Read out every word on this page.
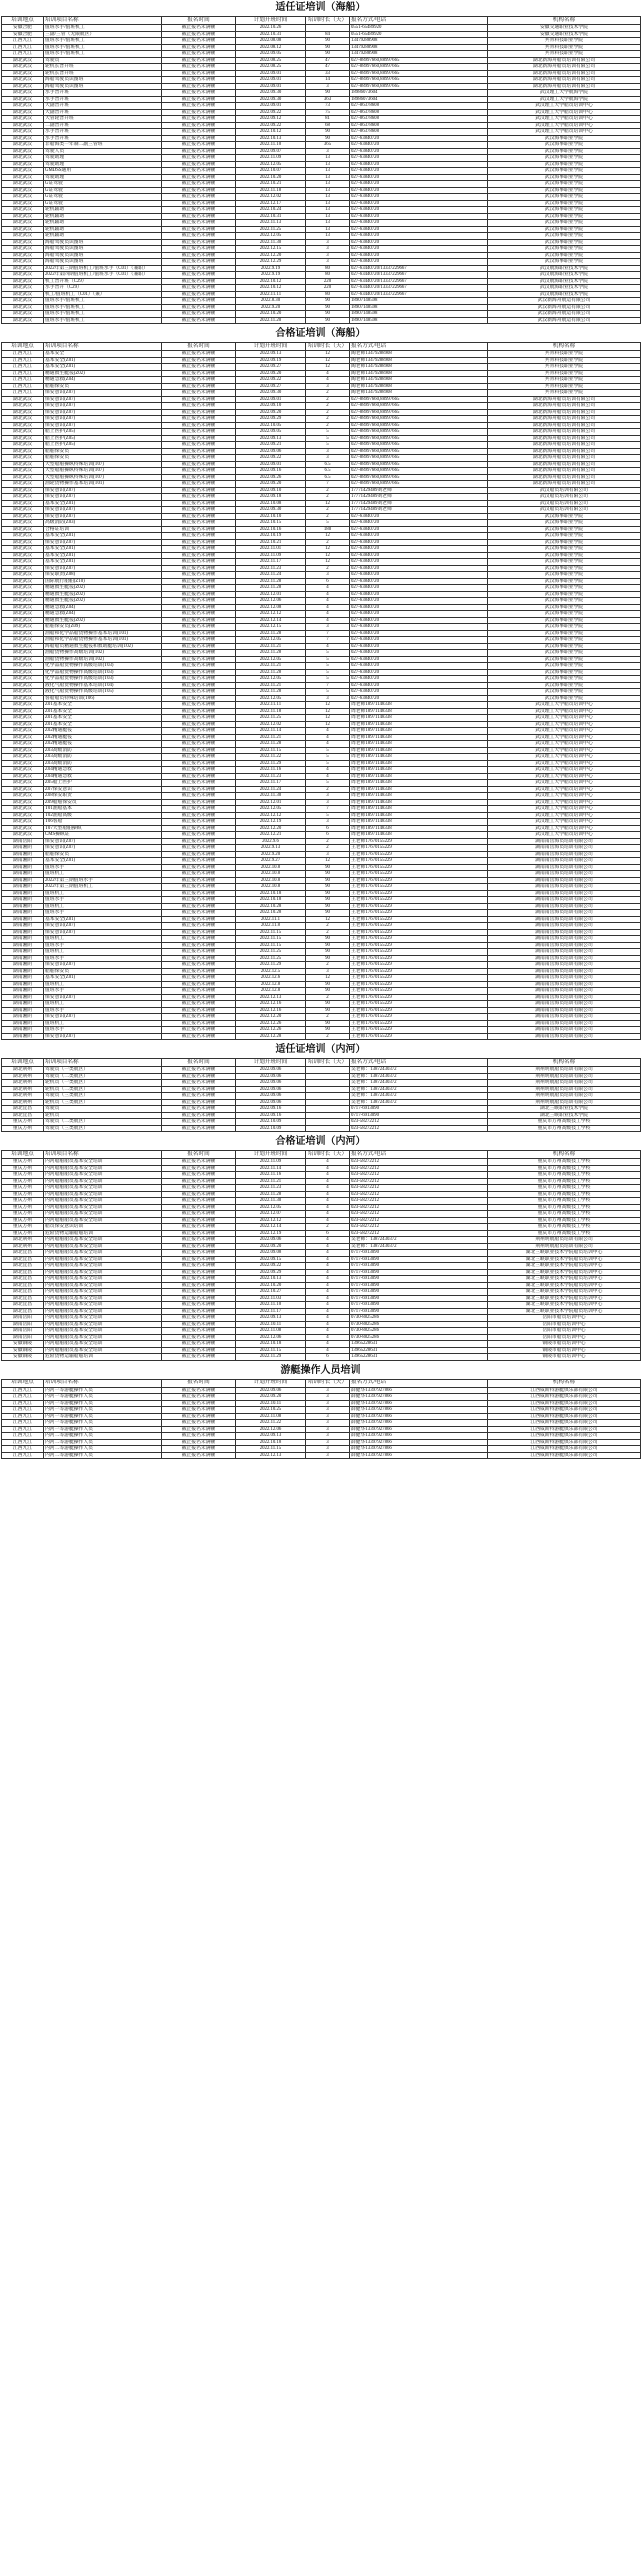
适任证培训（海船）
培训地点	培训项目名称	报名时间	计划开班时间	培训时长（天）	报名方式/电话	机构名称
安徽合肥	值班水手/值班机工	截止报名未满额	2022.10.26		0551-65489920	安徽交通职业技术学院
安徽合肥	三副/三管（无限航区）	截止报名未满额	2022.10.31	84	0551-65489920	安徽交通职业技术学院
江西九江	值班水手/值班机工	截止报名未满额	2022.08.08	90	13479288908	共青科技职业学院
江西九江	值班水手/值班机工	截止报名未满额	2022.08.12	90	13479288908	共青科技职业学院
江西九江	值班水手/值班机工	截止报名未满额	2022.09.05	90	13479288908	共青科技职业学院
湖北武汉	驾驶员	截止报名未满额	2022.08.25	47	027-88997660,88997665	湖北新海舟船员培训有限公司
湖北武汉	轮机长晋升班	截止报名未满额	2022.08.25	47	027-88997660,88997665	湖北新海舟船员培训有限公司
湖北武汉	轮机长晋升班	截止报名未满额	2022.09.01	33	027-88997660,88997665	湖北新海舟船员培训有限公司
湖北武汉	海船驾驶员识图班	截止报名未满额	2022.09.01	14	027-88997660,88997665	湖北新海舟船员培训有限公司
湖北武汉	海船驾驶员识图班	截止报名未满额	2022.09.01	3	027-88997660,88997665	湖北新海舟船员培训有限公司
湖北武汉	水手晋升班	截止报名未满额	2022.09.30	90	18986073604	武汉理工大学航海学院
湖北武汉	水手晋升班	截止报名未满额	2022.09.30	363	18986073604	武汉理工大学航海学院
湖北武汉	大副晋升班	截止报名未满额	2022.09.01	73	027-86378608	武汉理工大学船员培训中心
湖北武汉	大副晋升班	截止报名未满额	2022.09.22	75	027-86378608	武汉理工大学船员培训中心
湖北武汉	大管轮晋升班	截止报名未满额	2022.09.12	81	027-86378608	武汉理工大学船员培训中心
湖北武汉	二副晋升班	截止报名未满额	2022.09.22	68	027-86378608	武汉理工大学船员培训中心
湖北武汉	水手晋升班	截止报名未满额	2022.10.12	90	027-86378608	武汉理工大学船员培训中心
湖北武汉	水手晋升班	截止报名未满额	2022.10.13	90	027-63840720	武汉海事职业学院
湖北武汉	非船海类一年制二副三管班	截止报名未满额	2022.11.10	365	027-63840720	武汉海事职业学院
湖北武汉	驾驶人员	截止报名未满额	2022.09.07	3	027-63840720	武汉海事职业学院
湖北武汉	驾驶助理	截止报名未满额	2022.11.09	13	027-63840720	武汉海事职业学院
湖北武汉	驾驶助理	截止报名未满额	2022.12.05	13	027-63840720	武汉海事职业学院
湖北武汉	GMDSS通用	截止报名未满额	2022.10.07	13	027-63840720	武汉海事职业学院
湖北武汉	驾驶助理	截止报名未满额	2022.10.20	13	027-63840720	武汉海事职业学院
湖北武汉	G证驾驶	截止报名未满额	2022.10.21	13	027-63840720	武汉海事职业学院
湖北武汉	G证驾驶	截止报名未满额	2022.11.18	13	027-63840720	武汉海事职业学院
湖北武汉	G证驾驶	截止报名未满额	2022.12.02	13	027-63840720	武汉海事职业学院
湖北武汉	G证驾驶	截止报名未满额	2022.12.17	13	027-63840720	武汉海事职业学院
湖北武汉	轮机辅助	截止报名未满额	2022.10.24	13	027-63840720	武汉海事职业学院
湖北武汉	轮机辅助	截止报名未满额	2022.10.31	13	027-63840720	武汉海事职业学院
湖北武汉	轮机辅助	截止报名未满额	2022.11.13	13	027-63840720	武汉海事职业学院
湖北武汉	轮机辅助	截止报名未满额	2022.11.25	13	027-63840720	武汉海事职业学院
湖北武汉	轮机辅助	截止报名未满额	2022.12.05	13	027-63840720	武汉海事职业学院
湖北武汉	海船驾驶员识图班	截止报名未满额	2022.11.30	3	027-63840720	武汉海事职业学院
湖北武汉	海船驾驶员识图班	截止报名未满额	2022.12.15	3	027-63840720	武汉海事职业学院
湖北武汉	海船驾驶员识图班	截止报名未满额	2022.12.20	3	027-63840720	武汉海事职业学院
湖北武汉	海船驾驶员识图班	截止报名未满额	2022.12.29	3	027-63840720	武汉海事职业学院
湖北武汉	2022年第三期值班机工/值班水手（C01）（兼职）	截止报名未满额	2022.9.19	80	027-63440720/13337229667	武汉航海职业技术学院
湖北武汉	2022年第四期值班机工/值班水手（C01）（兼职）	截止报名未满额	2022.9.19	80	027-63440720/13337229667	武汉航海职业技术学院
湖北武汉	机工晋升班（C29）	截止报名未满额	2022.10.12	220	027-63440720/13337229667	武汉航海职业技术学院
湖北武汉	水手晋升（C29）	截止报名未满额	2022.10.12	220	027-63440720/13337229667	武汉航海职业技术学院
湖北武汉	机工/值班机工（C01）（兼）	截止报名未满额	2022.11.11	80	027-63440720/13337229667	武汉航海职业技术学院
湖北武汉	值班水手/值班机工	截止报名未满额	2022.8.30	90	18907148598	武汉新海舟航运有限公司
湖北武汉	值班水手/值班机工	截止报名未满额	2022.9.20	90	18907148598	武汉新海舟航运有限公司
湖北武汉	值班水手/值班机工	截止报名未满额	2022.10.20	90	18907148598	武汉新海舟航运有限公司
湖北武汉	值班水手/值班机工	截止报名未满额	2022.11.20	90	18907148598	武汉新海舟航运有限公司
合格证培训（海船）
培训地点	培训项目名称	报名时间	计划开班时间	培训时长（天）	报名方式/电话	机构名称
江西九江	基本安全	截止报名未满额	2022.09.13	12	陶老师13479288908	共青科技职业学院
江西九江	基本安全(Z01)	截止报名未满额	2022.09.19	12	陶老师13479288908	共青科技职业学院
江西九江	基本安全(Z01)	截止报名未满额	2022.09.27	12	陶老师13479288908	共青科技职业学院
江西九江	精通救生艇筏(Z02)	截止报名未满额	2022.09.20	4	陶老师13479288908	共青科技职业学院
江西九江	精通急救(Z04)	截止报名未满额	2022.09.22	4	陶老师13479288908	共青科技职业学院
江西九江	船舶保安员	截止报名未满额	2022.09.27	3	陶老师13479288908	共青科技职业学院
江西九江	保安意识(Z07)	截止报名未满额	2022.09.30	2	陶老师13479288908	共青科技职业学院
湖北武汉	保安意识(Z07)	截止报名未满额	2022.09.01	2	027-88997660,88997665	湖北新海舟船员培训有限公司
湖北武汉	保安意识(Z07)	截止报名未满额	2022.09.10	2	027-88997660,88997665	湖北新海舟船员培训有限公司
湖北武汉	保安意识(Z07)	截止报名未满额	2022.09.20	2	027-88997660,88997665	湖北新海舟船员培训有限公司
湖北武汉	保安意识(Z07)	截止报名未满额	2022.09.29	2	027-88997660,88997665	湖北新海舟船员培训有限公司
湖北武汉	保安意识(Z07)	截止报名未满额	2022.10.05	2	027-88997660,88997665	湖北新海舟船员培训有限公司
湖北武汉	船上医护(Z05)	截止报名未满额	2022.09.05	5	027-88997660,88997665	湖北新海舟船员培训有限公司
湖北武汉	船上医护(Z05)	截止报名未满额	2022.09.13	5	027-88997660,88997665	湖北新海舟船员培训有限公司
湖北武汉	船上医护(Z05)	截止报名未满额	2022.09.21	5	027-88997660,88997665	湖北新海舟船员培训有限公司
湖北武汉	船舶保安员	截止报名未满额	2022.09.06	3	027-88997660,88997665	湖北新海舟船员培训有限公司
湖北武汉	船舶保安员	截止报名未满额	2022.09.22	3	027-88997660,88997665	湖北新海舟船员培训有限公司
湖北武汉	大型船舶操纵特殊培训(T07)	截止报名未满额	2022.09.01	6.5	027-88997660,88997665	湖北新海舟船员培训有限公司
湖北武汉	大型船舶操纵特殊培训(T07)	截止报名未满额	2022.09.16	6.5	027-88997660,88997665	湖北新海舟船员培训有限公司
湖北武汉	大型船舶操纵特殊培训(T07)	截止报名未满额	2022.09.26	6.5	027-88997660,88997665	湖北新海舟船员培训有限公司
湖北武汉	油轮货物操作基本培训(T01)	截止报名未满额	2022.09.20	7	027-88997660,88997665	湖北新海舟船员培训有限公司
湖北武汉	保安意识(Z07)	截止报名未满额	2022.09.10	2	17771429489刘老师	武汉船员培训有限公司
湖北武汉	保安意识(Z07)	截止报名未满额	2022.09.18	2	17771429489刘老师	武汉船员培训有限公司
湖北武汉	基本安全(Z01)	截止报名未满额	2022.10.08	12	17771429489刘老师	武汉船员培训有限公司
湖北武汉	保安意识(Z07)	截止报名未满额	2022.09.30	2	17771429489刘老师	武汉船员培训有限公司
湖北武汉	保安意识(Z07)	截止报名未满额	2022.10.10	2	027-63840720	武汉海事职业学院
湖北武汉	高级消防(Z03)	截止报名未满额	2022.10.15	5	027-63840720	武汉海事职业学院
湖北武汉	合格证培训	截止报名未满额	2022.10.16	180	027-63840720	武汉海事职业学院
湖北武汉	基本安全(Z01)	截止报名未满额	2022.10.19	12	027-63840720	武汉海事职业学院
湖北武汉	保安意识(Z07)	截止报名未满额	2022.10.21	2	027-63840720	武汉海事职业学院
湖北武汉	基本安全(Z01)	截止报名未满额	2022.11.01	12	027-63840720	武汉海事职业学院
湖北武汉	基本安全(Z01)	截止报名未满额	2022.11.09	12	027-63840720	武汉海事职业学院
湖北武汉	基本安全(Z01)	截止报名未满额	2022.11.17	12	027-63840720	武汉海事职业学院
湖北武汉	保安意识(Z07)	截止报名未满额	2022.11.23	2	027-63840720	武汉海事职业学院
湖北武汉	保安职责(Z08)	截止报名未满额	2022.11.24	3	027-63840720	武汉海事职业学院
湖北武汉	国际航行船舶(Z10)	截止报名未满额	2022.11.28	6	027-63840720	武汉海事职业学院
湖北武汉	精通救生艇筏(Z02)	截止报名未满额	2022.11.28	4	027-63840720	武汉海事职业学院
湖北武汉	精通救生艇筏(Z02)	截止报名未满额	2022.12.01	4	027-63840720	武汉海事职业学院
湖北武汉	精通救生艇筏(Z02)	截止报名未满额	2022.12.06	4	027-63840720	武汉海事职业学院
湖北武汉	精通急救(Z04)	截止报名未满额	2022.12.08	4	027-63840720	武汉海事职业学院
湖北武汉	精通急救(Z04)	截止报名未满额	2022.12.12	4	027-63840720	武汉海事职业学院
湖北武汉	精通救生艇筏(Z02)	截止报名未满额	2022.12.14	4	027-63840720	武汉海事职业学院
湖北武汉	船舶保安员(Z09)	截止报名未满额	2022.12.15	3	027-63840720	武汉海事职业学院
湖北武汉	油船和化学品船货物操作基本培训(T01)	截止报名未满额	2022.11.28	7	027-63840720	武汉海事职业学院
湖北武汉	油船和化学品船货物操作基本培训(T01)	截止报名未满额	2022.12.05	7	027-63840720	武汉海事职业学院
湖北武汉	海船船员精通救生艇筏和救助艇培训(T02)	截止报名未满额	2022.11.21	4	027-63840720	武汉海事职业学院
湖北武汉	油船货物操作高级培训(T02)	截止报名未满额	2022.11.28	5	027-63840720	武汉海事职业学院
湖北武汉	油船货物操作高级培训(T02)	截止报名未满额	2022.12.05	5	027-63840720	武汉海事职业学院
湖北武汉	化学品船货物操作高级培训(T03)	截止报名未满额	2022.11.21	5	027-63840720	武汉海事职业学院
湖北武汉	化学品船货物操作高级培训(T03)	截止报名未满额	2022.11.28	5	027-63840720	武汉海事职业学院
湖北武汉	化学品船货物操作高级培训(T03)	截止报名未满额	2022.12.05	5	027-63840720	武汉海事职业学院
湖北武汉	液化气船货物操作基本培训(T04)	截止报名未满额	2022.11.21	7	027-63840720	武汉海事职业学院
湖北武汉	液化气船货物操作高级培训(T05)	截止报名未满额	2022.11.28	5	027-63840720	武汉海事职业学院
湖北武汉	客船船员特殊培训(T06)	截止报名未满额	2022.12.05	3	027-63840720	武汉海事职业学院
湖北武汉	Z01基本安全	截止报名未满额	2022.11.11	12	周老师18971148338	武汉理工大学船员培训中心
湖北武汉	Z01基本安全	截止报名未满额	2022.11.18	12	周老师18971148338	武汉理工大学船员培训中心
湖北武汉	Z01基本安全	截止报名未满额	2022.11.25	12	周老师18971148338	武汉理工大学船员培训中心
湖北武汉	Z01基本安全	截止报名未满额	2022.12.02	12	周老师18971148338	武汉理工大学船员培训中心
湖北武汉	Z02精通艇筏	截止报名未满额	2022.11.14	4	周老师18971148338	武汉理工大学船员培训中心
湖北武汉	Z02精通艇筏	截止报名未满额	2022.11.21	4	周老师18971148338	武汉理工大学船员培训中心
湖北武汉	Z02精通艇筏	截止报名未满额	2022.11.28	4	周老师18971148338	武汉理工大学船员培训中心
湖北武汉	Z03高级消防	截止报名未满额	2022.11.15	5	周老师18971148338	武汉理工大学船员培训中心
湖北武汉	Z03高级消防	截止报名未满额	2022.11.22	5	周老师18971148338	武汉理工大学船员培训中心
湖北武汉	Z03高级消防	截止报名未满额	2022.11.29	5	周老师18971148338	武汉理工大学船员培训中心
湖北武汉	Z04精通急救	截止报名未满额	2022.11.16	4	周老师18971148338	武汉理工大学船员培训中心
湖北武汉	Z04精通急救	截止报名未满额	2022.11.23	4	周老师18971148338	武汉理工大学船员培训中心
湖北武汉	Z05船上医护	截止报名未满额	2022.11.17	5	周老师18971148338	武汉理工大学船员培训中心
湖北武汉	Z07保安意识	截止报名未满额	2022.11.24	2	周老师18971148338	武汉理工大学船员培训中心
湖北武汉	Z08保安职责	截止报名未满额	2022.11.30	3	周老师18971148338	武汉理工大学船员培训中心
湖北武汉	Z09船舶保安员	截止报名未满额	2022.12.01	3	周老师18971148338	武汉理工大学船员培训中心
湖北武汉	T01油船基本	截止报名未满额	2022.12.05	7	周老师18971148338	武汉理工大学船员培训中心
湖北武汉	T02油船高级	截止报名未满额	2022.12.12	5	周老师18971148338	武汉理工大学船员培训中心
湖北武汉	T06客船	截止报名未满额	2022.12.19	3	周老师18971148338	武汉理工大学船员培训中心
湖北武汉	T07大型船舶操纵	截止报名未满额	2022.12.20	6	周老师18971148338	武汉理工大学船员培训中心
湖北武汉	CMS操纵证	截止报名未满额	2022.12.21	6	周老师18971148338	武汉理工大学船员培训中心
湖南岳阳	保安意识(Z07)	截止报名未满额	2022.9.6	2	王老师17670155229	湖南南岳海员培训有限公司
湖南湘阴	保安意识(Z07)	截止报名未满额	2022.9.13	2	王老师17670155229	湖南南岳海员培训有限公司
湖南湘阴	船舶保安员	截止报名未满额	2022.9.20	3	王老师17670155229	湖南南岳海员培训有限公司
湖南湘阴	基本安全(Z01)	截止报名未满额	2022.9.27	12	王老师17670155229	湖南南岳海员培训有限公司
湖南湘阴	值班水手	截止报名未满额	2022.10.8	90	王老师17670155229	湖南南岳海员培训有限公司
湖南湘阴	值班机工	截止报名未满额	2022.10.8	90	王老师17670155229	湖南南岳海员培训有限公司
湖南湘阴	2022年第三期值班水手	截止报名未满额	2022.10.8	90	王老师17670155229	湖南南岳海员培训有限公司
湖南湘阴	2022年第三期值班机工	截止报名未满额	2022.10.8	90	王老师17670155229	湖南南岳海员培训有限公司
湖南湘阴	值班机工	截止报名未满额	2022.10.18	90	王老师17670155229	湖南南岳海员培训有限公司
湖南湘阴	值班水手	截止报名未满额	2022.10.18	90	王老师17670155229	湖南南岳海员培训有限公司
湖南湘阴	值班机工	截止报名未满额	2022.10.28	90	王老师17670155229	湖南南岳海员培训有限公司
湖南湘阴	值班水手	截止报名未满额	2022.10.28	90	王老师17670155229	湖南南岳海员培训有限公司
湖南湘阴	基本安全(Z01)	截止报名未满额	2022.11.1	12	王老师17670155229	湖南南岳海员培训有限公司
湖南湘阴	保安意识(Z07)	截止报名未满额	2022.11.8	2	王老师17670155229	湖南南岳海员培训有限公司
湖南湘阴	保安意识(Z07)	截止报名未满额	2022.11.15	2	王老师17670155229	湖南南岳海员培训有限公司
湖南湘阴	值班机工	截止报名未满额	2022.11.15	90	王老师17670155229	湖南南岳海员培训有限公司
湖南湘阴	值班水手	截止报名未满额	2022.11.15	90	王老师17670155229	湖南南岳海员培训有限公司
湖南湘阴	值班机工	截止报名未满额	2022.11.25	90	王老师17670155229	湖南南岳海员培训有限公司
湖南湘阴	值班水手	截止报名未满额	2022.11.25	90	王老师17670155229	湖南南岳海员培训有限公司
湖南湘阴	保安意识(Z07)	截止报名未满额	2022.11.29	2	王老师17670155229	湖南南岳海员培训有限公司
湖南湘阴	船舶保安员	截止报名未满额	2022.12.5	3	王老师17670155229	湖南南岳海员培训有限公司
湖南湘阴	基本安全(Z01)	截止报名未满额	2022.12.6	12	王老师17670155229	湖南南岳海员培训有限公司
湖南湘阴	值班机工	截止报名未满额	2022.12.8	90	王老师17670155229	湖南南岳海员培训有限公司
湖南湘阴	值班水手	截止报名未满额	2022.12.8	90	王老师17670155229	湖南南岳海员培训有限公司
湖南湘阴	保安意识(Z07)	截止报名未满额	2022.12.13	2	王老师17670155229	湖南南岳海员培训有限公司
湖南湘阴	值班机工	截止报名未满额	2022.12.16	90	王老师17670155229	湖南南岳海员培训有限公司
湖南湘阴	值班水手	截止报名未满额	2022.12.16	90	王老师17670155229	湖南南岳海员培训有限公司
湖南湘阴	保安意识(Z07)	截止报名未满额	2022.12.20	2	王老师17670155229	湖南南岳海员培训有限公司
湖南湘阴	值班机工	截止报名未满额	2022.12.26	90	王老师17670155229	湖南南岳海员培训有限公司
湖南湘阴	值班水手	截止报名未满额	2022.12.26	90	王老师17670155229	湖南南岳海员培训有限公司
湖南湘阴	保安意识(Z07)	截止报名未满额	2022.12.28	2	王老师17670155229	湖南南岳海员培训有限公司
适任证培训（内河）
培训地点	培训项目名称	报名时间	计划开班时间	培训时长（天）	报名方式/电话	机构名称
湖北荆州	驾驶员（一类航区）	截止报名未满额	2022.09.06		吴老师：13872430372	荆州明航船员培训有限公司
湖北荆州	驾驶员（二类航区）	截止报名未满额	2022.09.06		吴老师：13872430372	荆州明航船员培训有限公司
湖北荆州	轮机员（一类航区）	截止报名未满额	2022.09.06		吴老师：13872430372	荆州明航船员培训有限公司
湖北荆州	轮机员（二类航区）	截止报名未满额	2022.09.06		吴老师：13872430372	荆州明航船员培训有限公司
湖北荆州	驾驶员（三类航区）	截止报名未满额	2022.09.06		吴老师：13872430372	荆州明航船员培训有限公司
湖北荆州	轮机员（三类航区）	截止报名未满额	2022.09.06		吴老师：13872430372	荆州明航船员培训有限公司
湖北宜昌	驾驶员	截止报名未满额	2022.09.16		0717-6913090	湖北三峡职业技术学院
湖北宜昌	轮机员	截止报名未满额	2022.09.16		0717-6913090	湖北三峡职业技术学院
重庆万州	驾驶员（二类航区）	截止报名未满额	2022.10.09		023-58272212	重庆市万州高级技工学校
重庆万州	驾驶员（三类航区）	截止报名未满额	2022.10.09		023-58272212	重庆市万州高级技工学校
合格证培训（内河）
培训地点	培训项目名称	报名时间	计划开班时间	培训时长（天）	报名方式/电话	机构名称
重庆万州	内河船舶船员基本安全培训	截止报名未满额	2022.11.09	4	023-58272212	重庆市万州高级技工学校
重庆万州	内河船舶船员基本安全培训	截止报名未满额	2022.11.14	4	023-58272212	重庆市万州高级技工学校
重庆万州	内河船舶船员基本安全培训	截止报名未满额	2022.11.16	4	023-58272212	重庆市万州高级技工学校
重庆万州	内河船舶船员基本安全培训	截止报名未满额	2022.11.21	4	023-58272212	重庆市万州高级技工学校
重庆万州	内河船舶船员基本安全培训	截止报名未满额	2022.11.23	4	023-58272212	重庆市万州高级技工学校
重庆万州	内河船舶船员基本安全培训	截止报名未满额	2022.11.28	4	023-58272212	重庆市万州高级技工学校
重庆万州	内河船舶船员基本安全培训	截止报名未满额	2022.11.30	4	023-58272212	重庆市万州高级技工学校
重庆万州	内河船舶船员基本安全培训	截止报名未满额	2022.12.05	4	023-58272212	重庆市万州高级技工学校
重庆万州	内河船舶船员基本安全培训	截止报名未满额	2022.12.07	4	023-58272212	重庆市万州高级技工学校
重庆万州	内河船舶船员基本安全培训	截止报名未满额	2022.12.12	4	023-58272212	重庆市万州高级技工学校
重庆万州	船员保安意识培训	截止报名未满额	2022.12.14	2	023-58272212	重庆市万州高级技工学校
重庆万州	危险货物运输船舶培训	截止报名未满额	2022.12.19	6	023-58272212	重庆市万州高级技工学校
湖北荆州	内河船舶船员基本安全培训	截止报名未满额	2022.09.06	4	吴老师：13872430372	荆州明航船员培训有限公司
湖北荆州	内河船舶船员基本安全培训	截止报名未满额	2022.09.20	4	吴老师：13872430372	荆州明航船员培训有限公司
湖北宜昌	内河船舶船员基本安全培训	截止报名未满额	2022.09.08	4	0717-6913090	湖北三峡职业技术学院船员培训中心
湖北宜昌	内河船舶船员基本安全培训	截止报名未满额	2022.09.15	4	0717-6913090	湖北三峡职业技术学院船员培训中心
湖北宜昌	内河船舶船员基本安全培训	截止报名未满额	2022.09.22	4	0717-6913090	湖北三峡职业技术学院船员培训中心
湖北宜昌	内河船舶船员基本安全培训	截止报名未满额	2022.09.29	4	0717-6913090	湖北三峡职业技术学院船员培训中心
湖北宜昌	内河船舶船员基本安全培训	截止报名未满额	2022.10.13	4	0717-6913090	湖北三峡职业技术学院船员培训中心
湖北宜昌	内河船舶船员基本安全培训	截止报名未满额	2022.10.20	4	0717-6913090	湖北三峡职业技术学院船员培训中心
湖北宜昌	内河船舶船员基本安全培训	截止报名未满额	2022.10.27	4	0717-6913090	湖北三峡职业技术学院船员培训中心
湖北宜昌	内河船舶船员基本安全培训	截止报名未满额	2022.11.03	4	0717-6913090	湖北三峡职业技术学院船员培训中心
湖北宜昌	内河船舶船员基本安全培训	截止报名未满额	2022.11.10	4	0717-6913090	湖北三峡职业技术学院船员培训中心
湖北宜昌	内河船舶船员基本安全培训	截止报名未满额	2022.11.17	4	0717-6913090	湖北三峡职业技术学院船员培训中心
湖南岳阳	内河船舶船员基本安全培训	截止报名未满额	2022.09.13	4	0730-8825286	岳阳市船员培训中心
湖南岳阳	内河船舶船员基本安全培训	截止报名未满额	2022.10.11	4	0730-8825286	岳阳市船员培训中心
湖南岳阳	内河船舶船员基本安全培训	截止报名未满额	2022.11.08	4	0730-8825286	岳阳市船员培训中心
湖南岳阳	内河船舶船员基本安全培训	截止报名未满额	2022.12.06	4	0730-8825286	岳阳市船员培训中心
安徽铜陵	内河船舶船员基本安全培训	截止报名未满额	2022.10.18	4	13965228631	铜陵市船员培训中心
安徽铜陵	内河船舶船员基本安全培训	截止报名未满额	2022.11.15	4	13965228631	铜陵市船员培训中心
安徽铜陵	危险货物运输船舶培训	截止报名未满额	2022.11.29	6	13965228631	铜陵市船员培训中心
游艇操作人员培训
培训地点	培训项目名称	报名时间	计划开班时间	培训时长（天）	报名方式/电话	机构名称
江西九江	内河一等游艇操作人员	截止报名未满额	2022.09.06	3	薛健华13397927866	江西威斯特游艇俱乐部有限公司
江西九江	内河一等游艇操作人员	截止报名未满额	2022.09.20	3	薛健华13397927866	江西威斯特游艇俱乐部有限公司
江西九江	内河一等游艇操作人员	截止报名未满额	2022.10.11	3	薛健华13397927866	江西威斯特游艇俱乐部有限公司
江西九江	内河一等游艇操作人员	截止报名未满额	2022.10.25	3	薛健华13397927866	江西威斯特游艇俱乐部有限公司
江西九江	内河一等游艇操作人员	截止报名未满额	2022.11.08	3	薛健华13397927866	江西威斯特游艇俱乐部有限公司
江西九江	内河一等游艇操作人员	截止报名未满额	2022.11.22	3	薛健华13397927866	江西威斯特游艇俱乐部有限公司
江西九江	内河一等游艇操作人员	截止报名未满额	2022.12.06	3	薛健华13397927866	江西威斯特游艇俱乐部有限公司
江西九江	内河二等游艇操作人员	截止报名未满额	2022.09.13	3	薛健华13397927866	江西威斯特游艇俱乐部有限公司
江西九江	内河二等游艇操作人员	截止报名未满额	2022.10.18	3	薛健华13397927866	江西威斯特游艇俱乐部有限公司
江西九江	内河二等游艇操作人员	截止报名未满额	2022.11.15	3	薛健华13397927866	江西威斯特游艇俱乐部有限公司
江西九江	内河二等游艇操作人员	截止报名未满额	2022.12.13	3	薛健华13397927866	江西威斯特游艇俱乐部有限公司
